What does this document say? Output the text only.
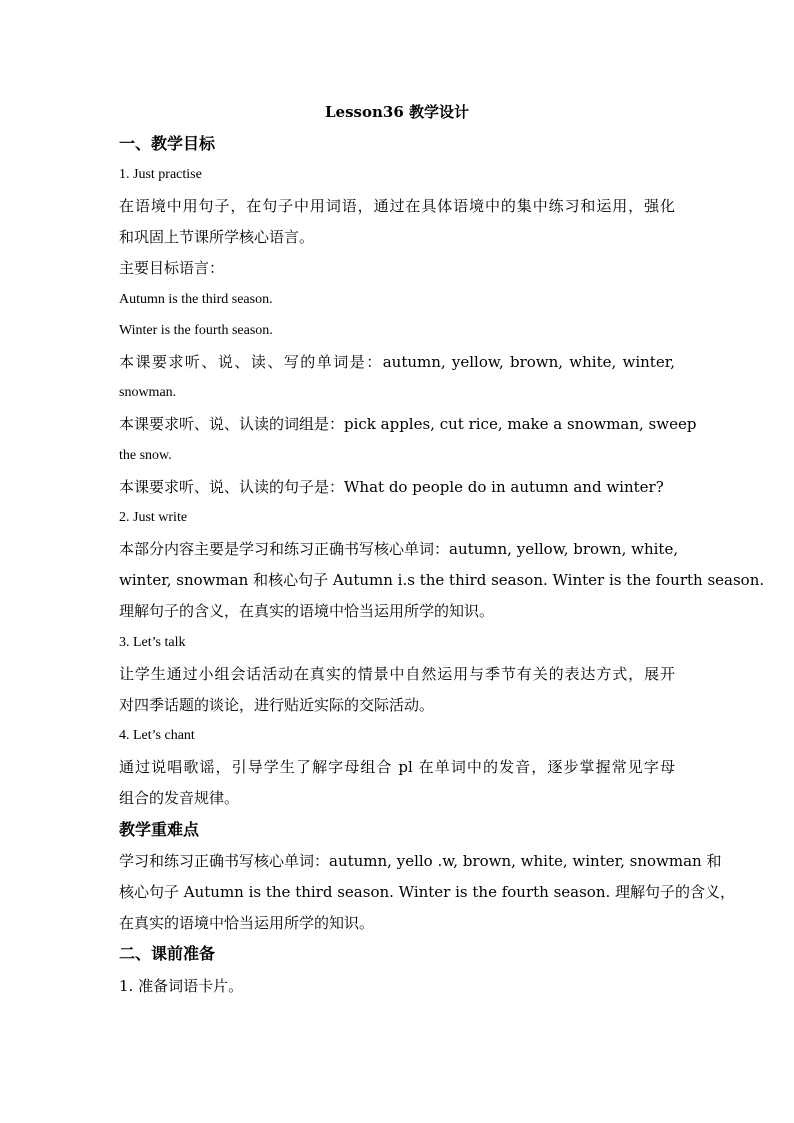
Lesson36 教学设计
一、教学目标
1. Just practise
在语境中用句子，在句子中用词语，通过在具体语境中的集中练习和运用，强化
和巩固上节课所学核心语言。
主要目标语言：
Autumn is the third season.
Winter is the fourth season.
本课要求听、说、读、写的单词是：autumn, yellow, brown, white, winter,
snowman.
本课要求听、说、认读的词组是：pick apples, cut rice, make a snowman, sweep
the snow.
本课要求听、说、认读的句子是：What do people do in autumn and winter?
2. Just write
本部分内容主要是学习和练习正确书写核心单词：autumn, yellow, brown, white,
winter, snowman 和核心句子 Autumn i.s the third season. Winter is the fourth season.
理解句子的含义，在真实的语境中恰当运用所学的知识。
3. Let’s talk
让学生通过小组会话活动在真实的情景中自然运用与季节有关的表达方式，展开
对四季话题的谈论，进行贴近实际的交际活动。
4. Let’s chant
通过说唱歌谣，引导学生了解字母组合 pl 在单词中的发音，逐步掌握常见字母
组合的发音规律。
教学重难点
学习和练习正确书写核心单词：autumn, yello .w, brown, white, winter, snowman 和
核心句子 Autumn is the third season. Winter is the fourth season. 理解句子的含义，
在真实的语境中恰当运用所学的知识。
二、课前准备
1. 准备词语卡片。
